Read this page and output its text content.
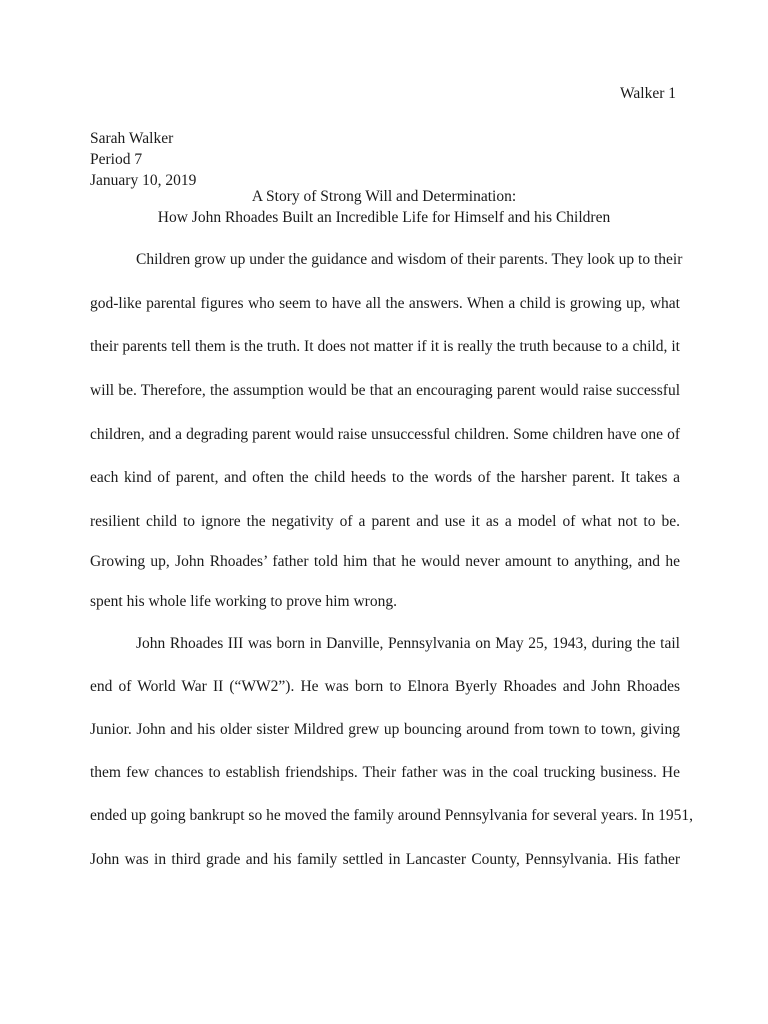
Walker 1
Sarah Walker
Period 7
January 10, 2019
A Story of Strong Will and Determination:
How John Rhoades Built an Incredible Life for Himself and his Children
Children grow up under the guidance and wisdom of their parents. They look up to their
god-like parental figures who seem to have all the answers. When a child is growing up, what
their parents tell them is the truth. It does not matter if it is really the truth because to a child, it
will be. Therefore, the assumption would be that an encouraging parent would raise successful
children, and a degrading parent would raise unsuccessful children. Some children have one of
each kind of parent, and often the child heeds to the words of the harsher parent. It takes a
resilient child to ignore the negativity of a parent and use it as a model of what not to be.
Growing up, John Rhoades’ father told him that he would never amount to anything, and he
spent his whole life working to prove him wrong.
John Rhoades III was born in Danville, Pennsylvania on May 25, 1943, during the tail
end of World War II (“WW2”). He was born to Elnora Byerly Rhoades and John Rhoades
Junior. John and his older sister Mildred grew up bouncing around from town to town, giving
them few chances to establish friendships. Their father was in the coal trucking business. He
ended up going bankrupt so he moved the family around Pennsylvania for several years. In 1951,
John was in third grade and his family settled in Lancaster County, Pennsylvania. His father
